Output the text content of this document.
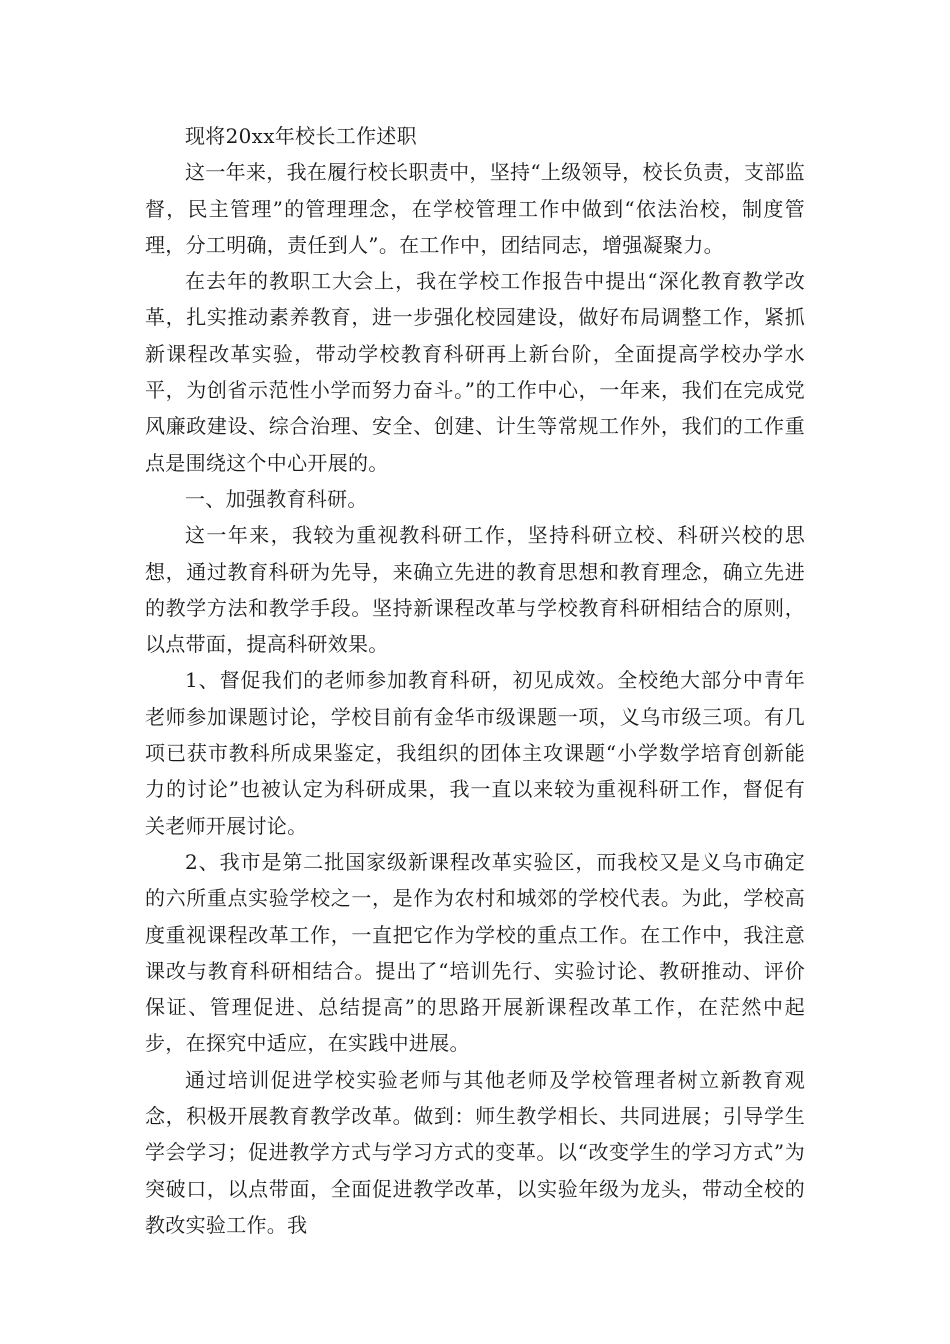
现将20xx年校长工作述职

这一年来，我在履行校长职责中，坚持“上级领导，校长负责，支部监督，民主管理”的管理理念，在学校管理工作中做到“依法治校，制度管理，分工明确，责任到人”。在工作中，团结同志，增强凝聚力。

在去年的教职工大会上，我在学校工作报告中提出“深化教育教学改革，扎实推动素养教育，进一步强化校园建设，做好布局调整工作，紧抓新课程改革实验，带动学校教育科研再上新台阶，全面提高学校办学水平，为创省示范性小学而努力奋斗。”的工作中心，一年来，我们在完成党风廉政建设、综合治理、安全、创建、计生等常规工作外，我们的工作重点是围绕这个中心开展的。

一、加强教育科研。

这一年来，我较为重视教科研工作，坚持科研立校、科研兴校的思想，通过教育科研为先导，来确立先进的教育思想和教育理念，确立先进的教学方法和教学手段。坚持新课程改革与学校教育科研相结合的原则，以点带面，提高科研效果。

1、督促我们的老师参加教育科研，初见成效。全校绝大部分中青年老师参加课题讨论，学校目前有金华市级课题一项，义乌市级三项。有几项已获市教科所成果鉴定，我组织的团体主攻课题“小学数学培育创新能力的讨论”也被认定为科研成果，我一直以来较为重视科研工作，督促有关老师开展讨论。

2、我市是第二批国家级新课程改革实验区，而我校又是义乌市确定的六所重点实验学校之一，是作为农村和城郊的学校代表。为此，学校高度重视课程改革工作，一直把它作为学校的重点工作。在工作中，我注意课改与教育科研相结合。提出了“培训先行、实验讨论、教研推动、评价保证、管理促进、总结提高”的思路开展新课程改革工作，在茫然中起步，在探究中适应，在实践中进展。

通过培训促进学校实验老师与其他老师及学校管理者树立新教育观念，积极开展教育教学改革。做到：师生教学相长、共同进展；引导学生学会学习；促进教学方式与学习方式的变革。以“改变学生的学习方式”为突破口，以点带面，全面促进教学改革，以实验年级为龙头，带动全校的教改实验工作。我
